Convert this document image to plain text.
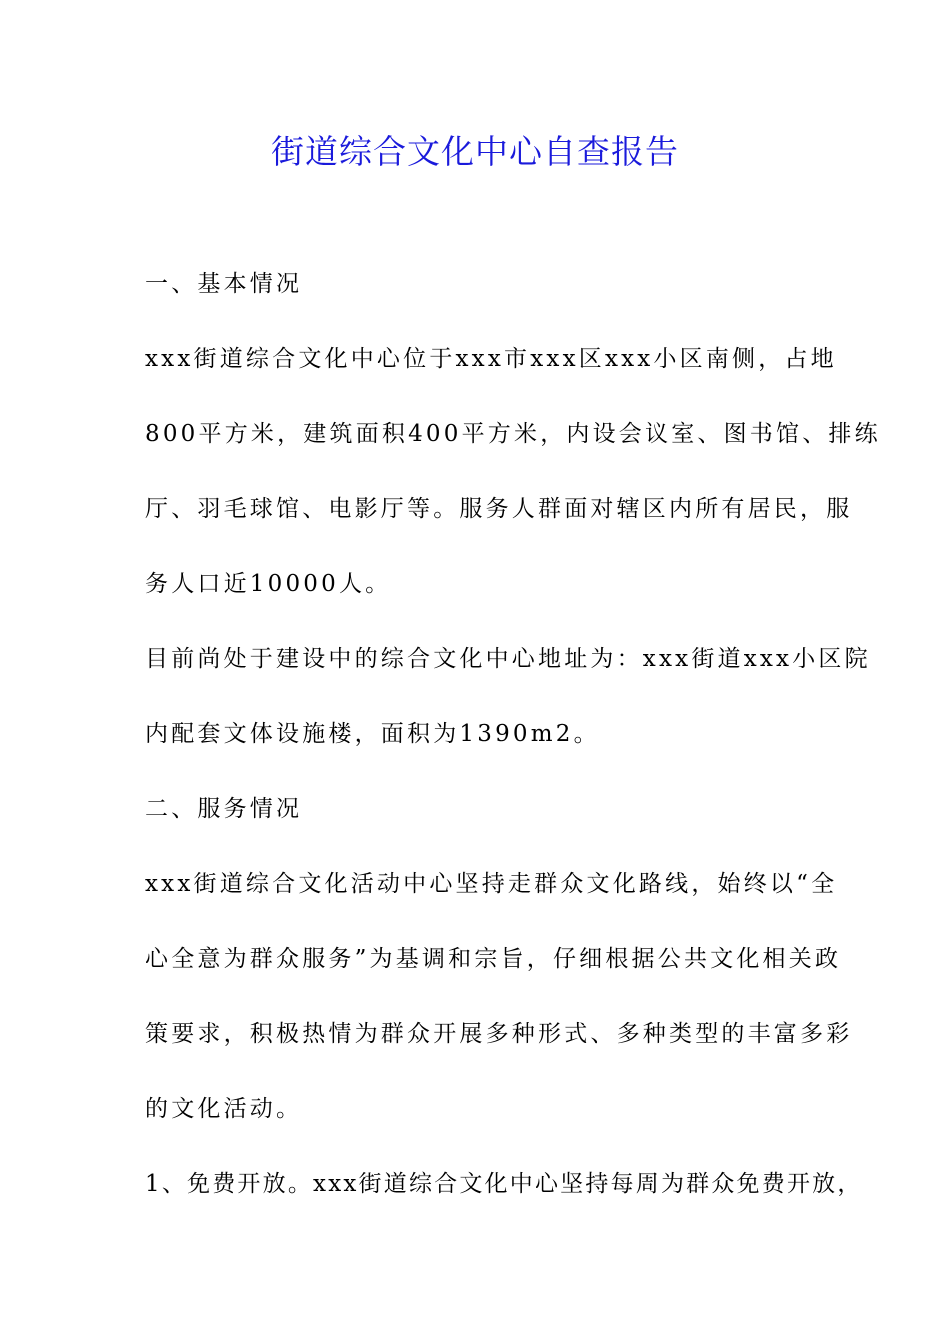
街道综合文化中心自查报告
一、基本情况
xxx街道综合文化中心位于xxx市xxx区xxx小区南侧，占地
800平方米，建筑面积400平方米，内设会议室、图书馆、排练
厅、羽毛球馆、电影厅等。服务人群面对辖区内所有居民，服
务人口近10000人。
目前尚处于建设中的综合文化中心地址为：xxx街道xxx小区院
内配套文体设施楼，面积为1390m2。
二、服务情况
xxx街道综合文化活动中心坚持走群众文化路线，始终以“全
心全意为群众服务”为基调和宗旨，仔细根据公共文化相关政
策要求，积极热情为群众开展多种形式、多种类型的丰富多彩
的文化活动。
1、免费开放。xxx街道综合文化中心坚持每周为群众免费开放，
